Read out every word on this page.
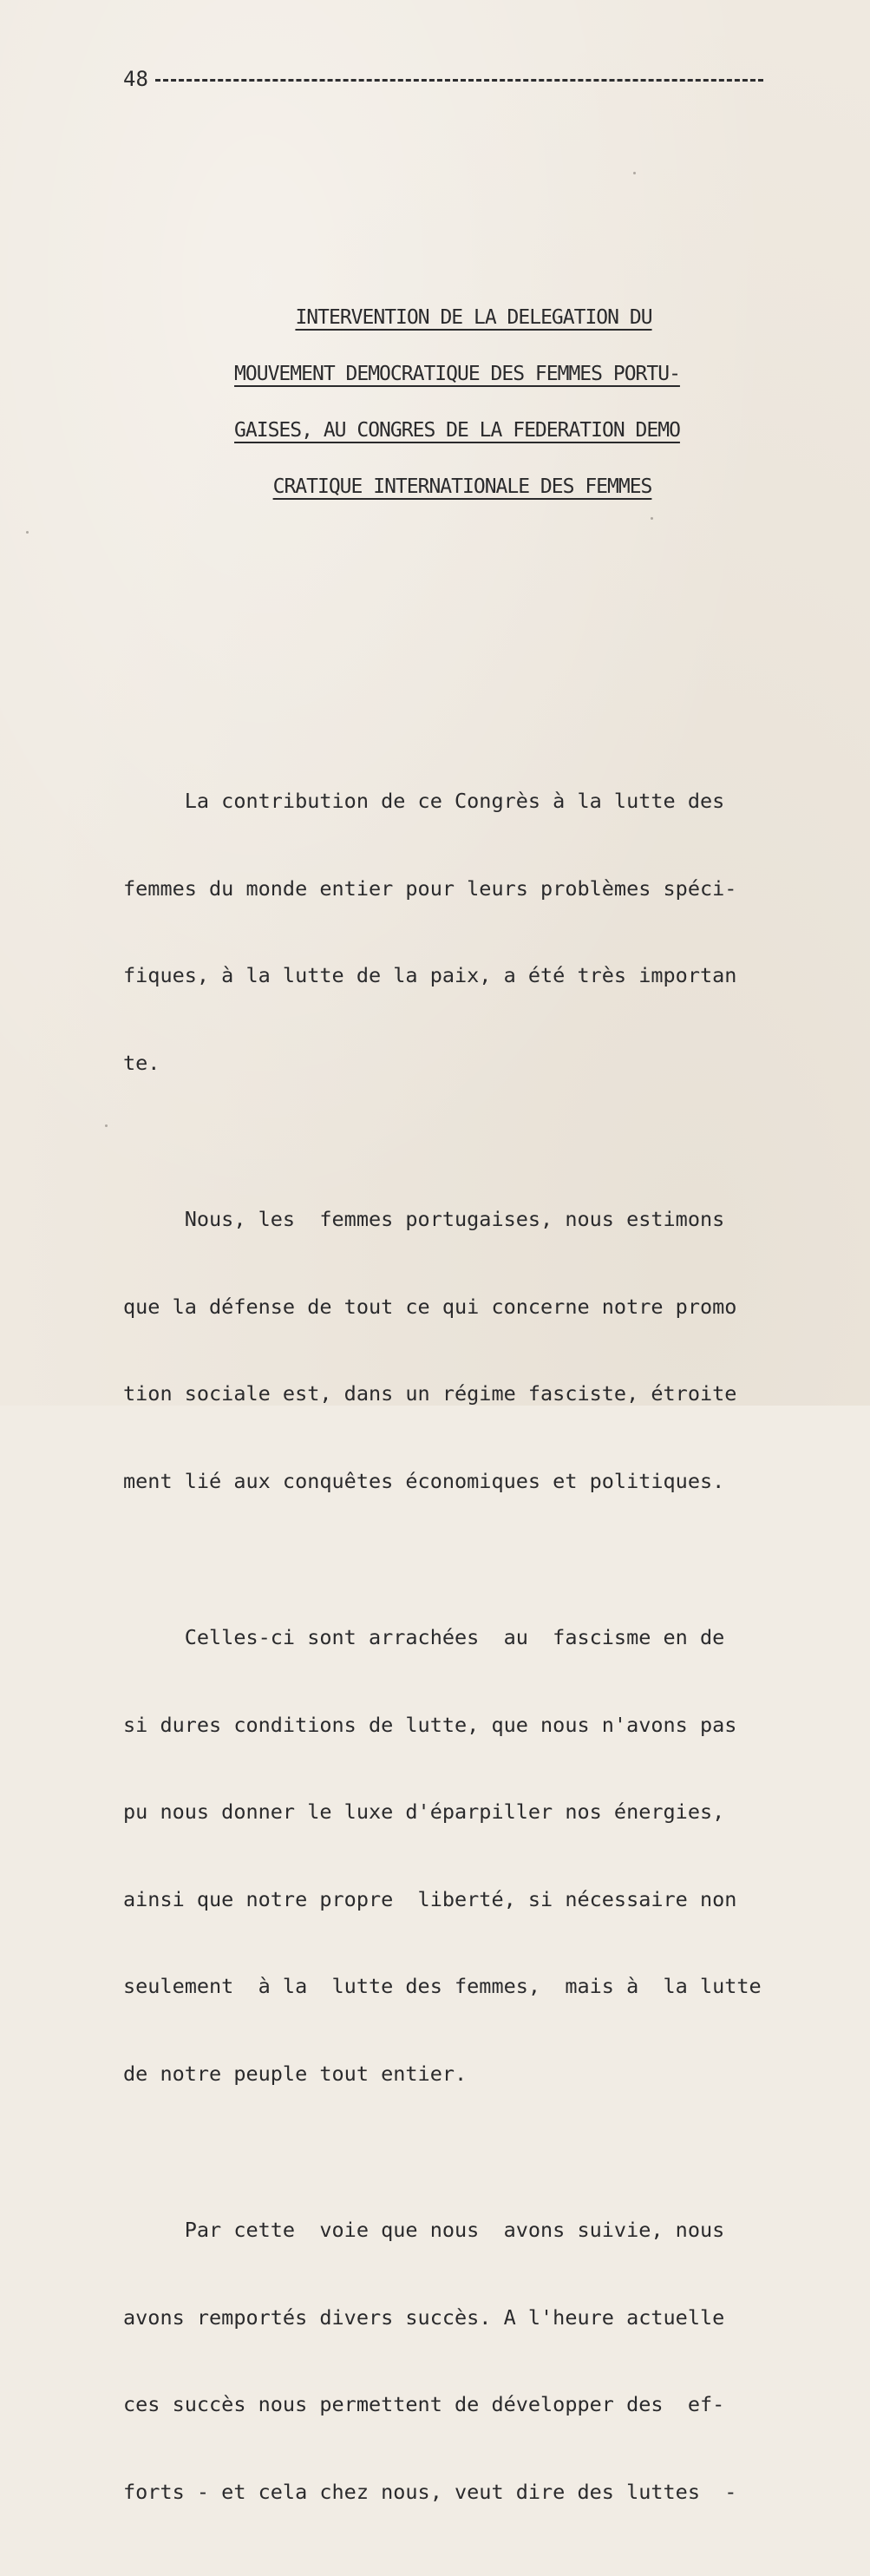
48
INTERVENTION DE LA DELEGATION DU
MOUVEMENT DEMOCRATIQUE DES FEMMES PORTU-
GAISES, AU CONGRES DE LA FEDERATION DEMO
CRATIQUE INTERNATIONALE DES FEMMES

La contribution de ce Congrès à la lutte des

femmes du monde entier pour leurs problèmes spéci-

fiques, à la lutte de la paix, a été très importan

te.

Nous, les  femmes portugaises, nous estimons

que la défense de tout ce qui concerne notre promo

tion sociale est, dans un régime fasciste, étroite

ment lié aux conquêtes économiques et politiques.

Celles-ci sont arrachées  au  fascisme en de

si dures conditions de lutte, que nous n'avons pas

pu nous donner le luxe d'éparpiller nos énergies,

ainsi que notre propre  liberté, si nécessaire non

seulement  à la  lutte des femmes,  mais à  la lutte

de notre peuple tout entier.

Par cette  voie que nous  avons suivie, nous

avons remportés divers succès. A l'heure actuelle

ces succès nous permettent de développer des  ef-

forts - et cela chez nous, veut dire des luttes  -
